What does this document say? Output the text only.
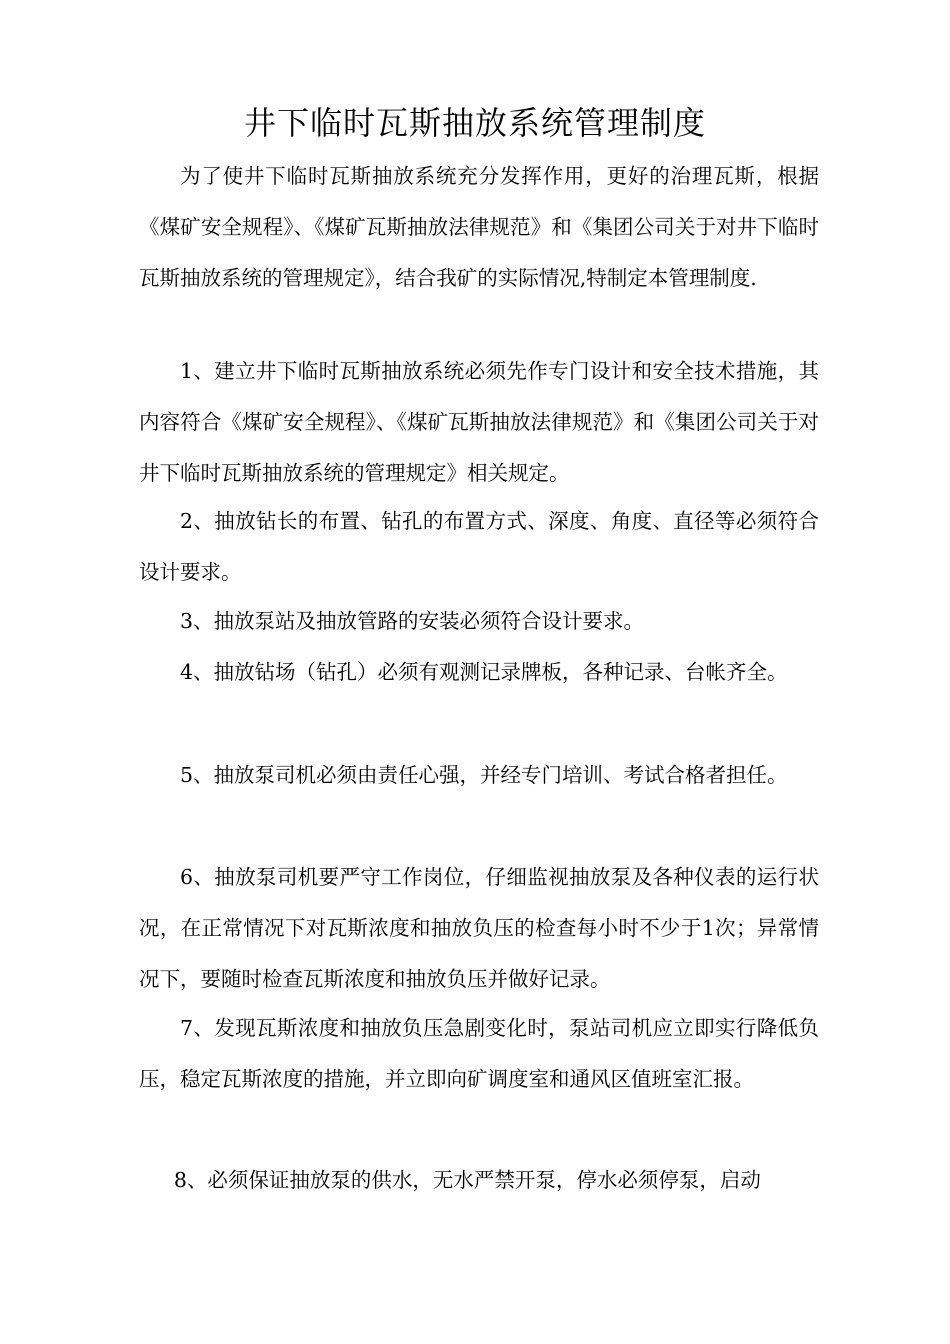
井下临时瓦斯抽放系统管理制度

为了使井下临时瓦斯抽放系统充分发挥作用，更好的治理瓦斯，根据《煤矿安全规程》、《煤矿瓦斯抽放法律规范》和《集团公司关于对井下临时瓦斯抽放系统的管理规定》，结合我矿的实际情况,特制定本管理制度.

1、建立井下临时瓦斯抽放系统必须先作专门设计和安全技术措施，其内容符合《煤矿安全规程》、《煤矿瓦斯抽放法律规范》和《集团公司关于对井下临时瓦斯抽放系统的管理规定》相关规定。

2、抽放钻长的布置、钻孔的布置方式、深度、角度、直径等必须符合设计要求。

3、抽放泵站及抽放管路的安装必须符合设计要求。

4、抽放钻场（钻孔）必须有观测记录牌板，各种记录、台帐齐全。

5、抽放泵司机必须由责任心强，并经专门培训、考试合格者担任。

6、抽放泵司机要严守工作岗位，仔细监视抽放泵及各种仪表的运行状况，在正常情况下对瓦斯浓度和抽放负压的检查每小时不少于1次；异常情况下，要随时检查瓦斯浓度和抽放负压并做好记录。

7、发现瓦斯浓度和抽放负压急剧变化时，泵站司机应立即实行降低负压，稳定瓦斯浓度的措施，并立即向矿调度室和通风区值班室汇报。

8、必须保证抽放泵的供水，无水严禁开泵，停水必须停泵，启动
